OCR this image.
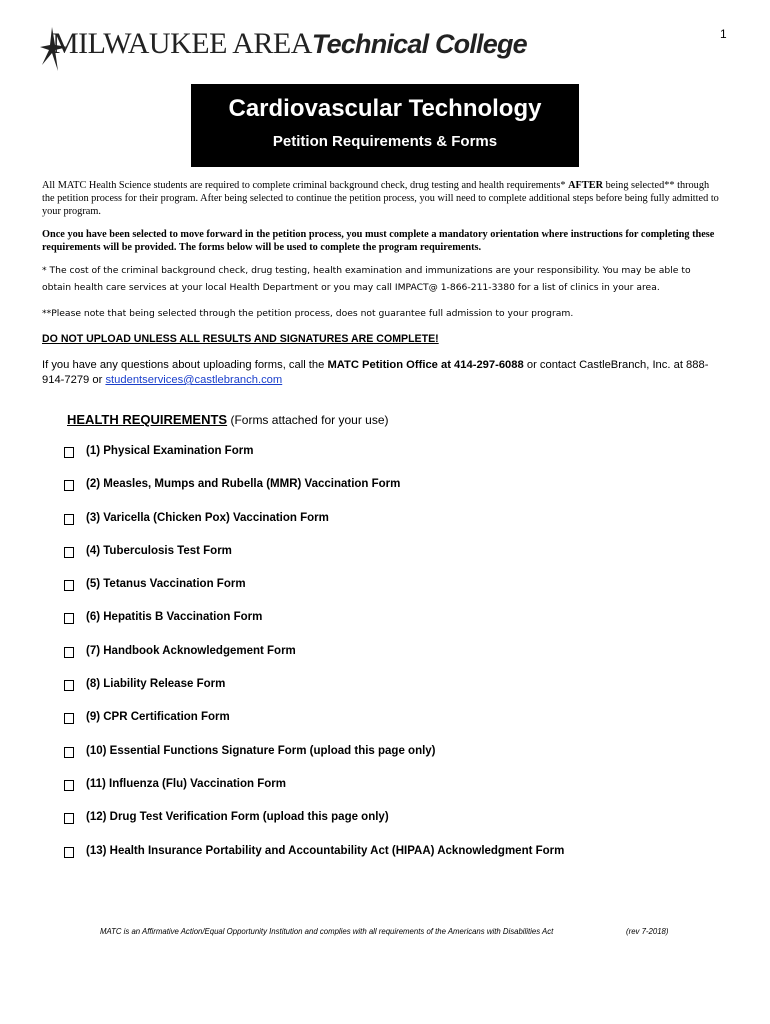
1
MILWAUKEE AREATechnical College
Cardiovascular Technology
Petition Requirements & Forms
All MATC Health Science students are required to complete criminal background check, drug testing and health requirements* AFTER being selected** through the petition process for their program. After being selected to continue the petition process, you will need to complete additional steps before being fully admitted to your program.
Once you have been selected to move forward in the petition process, you must complete a mandatory orientation where instructions for completing these requirements will be provided. The forms below will be used to complete the program requirements.
* The cost of the criminal background check, drug testing, health examination and immunizations are your responsibility. You may be able to obtain health care services at your local Health Department or you may call IMPACT@ 1-866-211-3380 for a list of clinics in your area.
**Please note that being selected through the petition process, does not guarantee full admission to your program.
DO NOT UPLOAD UNLESS ALL RESULTS AND SIGNATURES ARE COMPLETE!
If you have any questions about uploading forms, call the MATC Petition Office at 414-297-6088 or contact CastleBranch, Inc. at 888-914-7279 or studentservices@castlebranch.com
HEALTH REQUIREMENTS (Forms attached for your use)
(1) Physical Examination Form
(2) Measles, Mumps and Rubella (MMR) Vaccination Form
(3) Varicella (Chicken Pox) Vaccination Form
(4) Tuberculosis Test Form
(5) Tetanus Vaccination Form
(6) Hepatitis B Vaccination Form
(7) Handbook Acknowledgement Form
(8) Liability Release Form
(9) CPR Certification Form
(10) Essential Functions Signature Form (upload this page only)
(11) Influenza (Flu) Vaccination Form
(12) Drug Test Verification Form (upload this page only)
(13) Health Insurance Portability and Accountability Act (HIPAA) Acknowledgment Form
MATC is an Affirmative Action/Equal Opportunity Institution and complies with all requirements of the Americans with Disabilities Act	(rev 7-2018)
